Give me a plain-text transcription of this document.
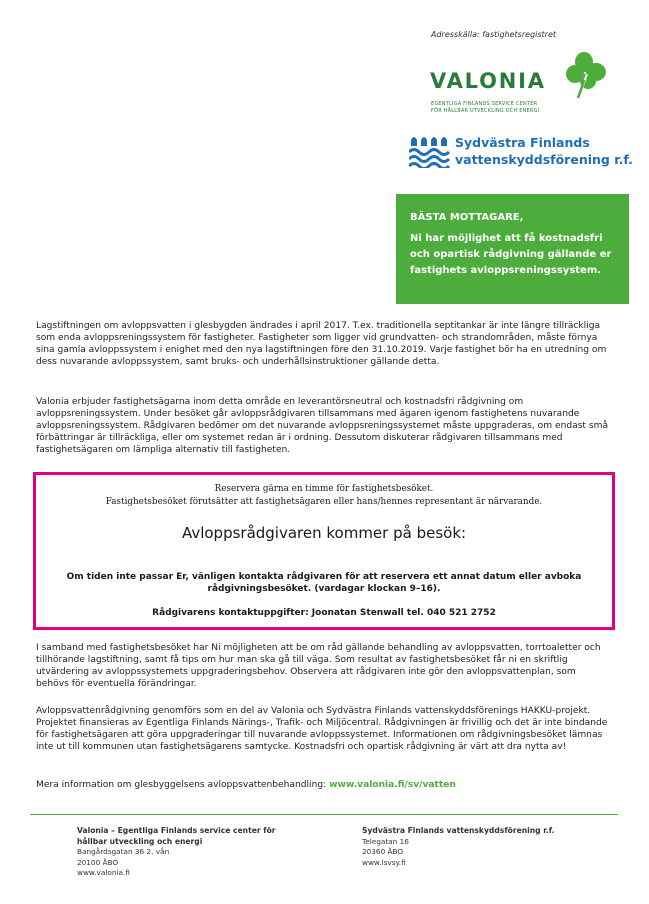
Adresskälla: fastighetsregistret
VALONIA
EGENTLIGA FINLANDS SERVICE CENTER
FÖR HÅLLBAR UTVECKLING OCH ENERGI
Sydvästra Finlands
vattenskyddsförening r.f.
BÄSTA MOTTAGARE,
Ni har möjlighet att få kostnadsfri och opartisk rådgivning gällande er fastighets avloppsreningssystem.
Lagstiftningen om avloppsvatten i glesbygden ändrades i april 2017. T.ex. traditionella septitankar är inte längre tillräckliga som enda avloppsreningssystem för fastigheter. Fastigheter som ligger vid grundvatten- och strandområden, måste förnya sina gamla avloppssystem i enighet med den nya lagstiftningen före den 31.10.2019. Varje fastighet bör ha en utredning om dess nuvarande avloppssystem, samt bruks- och underhållsinstruktioner gällande detta.
Valonia erbjuder fastighetsägarna inom detta område en leverantörsneutral och kostnadsfri rådgivning om avloppsreningssystem. Under besöket går avloppsrådgivaren tillsammans med ägaren igenom fastighetens nuvarande avloppsreningssystem. Rådgivaren bedömer om det nuvarande avloppsreningssystemet måste uppgraderas, om endast små förbättringar är tillräckliga, eller om systemet redan är i ordning. Dessutom diskuterar rådgivaren tillsammans med fastighetsägaren om lämpliga alternativ till fastigheten.
Reservera gärna en timme för fastighetsbesöket.
Fastighetsbesöket förutsätter att fastighetsägaren eller hans/hennes representant är närvarande.
Avloppsrådgivaren kommer på besök:
Om tiden inte passar Er, vänligen kontakta rådgivaren för att reservera ett annat datum eller avboka rådgivningsbesöket. (vardagar klockan 9–16).
Rådgivarens kontaktuppgifter: Joonatan Stenwall tel. 040 521 2752
I samband med fastighetsbesöket har Ni möjligheten att be om råd gällande behandling av avloppsvatten, torrtoaletter och tillhörande lagstiftning, samt få tips om hur man ska gå till väga. Som resultat av fastighetsbesöket får ni en skriftlig utvärdering av avloppssystemets uppgraderingsbehov. Observera att rådgivaren inte gör den avloppsvattenplan, som behövs för eventuella förändringar.
Avloppsvattenrådgivning genomförs som en del av Valonia och Sydvästra Finlands vattenskyddsförenings HAKKU-projekt. Projektet finansieras av Egentliga Finlands Närings-, Trafik- och Miljöcentral. Rådgivningen är frivillig och det är inte bindande för fastighetsägaren att göra uppgraderingar till nuvarande avloppssystemet. Informationen om rådgivningsbesöket lämnas inte ut till kommunen utan fastighetsägarens samtycke. Kostnadsfri och opartisk rådgivning är värt att dra nytta av!
Mera information om glesbyggelsens avloppsvattenbehandling: www.valonia.fi/sv/vatten
Valonia – Egentliga Finlands service center för
hållbar utveckling och energi
Bangårdsgatan 36 2. vån
20100 ÅBO
www.valonia.fi
Sydvästra Finlands vattenskyddsförening r.f.
Telegatan 16
20360 ÅBO
www.lsvsy.fi
